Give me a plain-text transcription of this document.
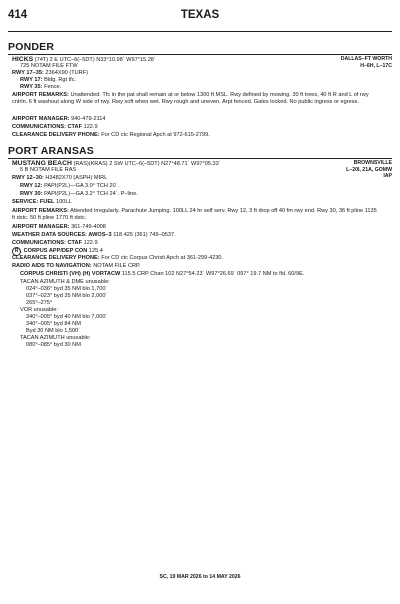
414	TEXAS
PONDER
HICKS (74T) 2 E UTC–6(–5DT) N33°10.98´ W97°15.28´	DALLAS–FT WORTH
H–6H, L–17C
725 NOTAM FILE FTW
RWY 17–35: 2364X90 (TURF)
RWY 17: Bldg. Rgt tfc.
RWY 35: Fence.
AIRPORT REMARKS: Unattended. Tfc in the pat shall remain at or below 1300 ft MSL. Rwy defined by mowing. 30 ft trees, 40 ft R and L of rwy cntrln. 6 ft washout along W side of rwy. Rwy soft when wet. Rwy rough and uneven. Arpt fenced. Gates locked. No public ingress or egress.
AIRPORT MANAGER: 940-479-2114
COMMUNICATIONS: CTAF 122.9
CLEARANCE DELIVERY PHONE: For CD ctc Regional Apch at 972-615-2799.
PORT ARANSAS
MUSTANG BEACH (RAS)(KRAS) 2 SW UTC–6(–5DT) N27°48.71´ W97°05.33´	BROWNSVILLE
L–20I, 21A, GOMW
IAP
5 B NOTAM FILE RAS
RWY 12–30: H3482X70 (ASPH) MIRL
RWY 12: PAPI(P2L)—GA 3.0° TCH 20´.
RWY 30: PAPI(P2L)—GA 3.2° TCH 24´. P–line.
SERVICE: FUEL 100LL
AIRPORT REMARKS: Attended irregularly. Parachute Jumping. 100LL 24 hr self serv. Rwy 12, 3 ft drop off 40 fm rwy end. Rwy 30, 36 ft pline 1135 ft dstc. 50 ft pline 1770 ft dstc.
AIRPORT MANAGER: 361-749-4008
WEATHER DATA SOURCES: AWOS–3 118.425 (361) 749–0537.
COMMUNICATIONS: CTAF 122.9
R CORPUS APP/DEP CON 125.4
CLEARANCE DELIVERY PHONE: For CD ctc Corpus Christi Apch at 361-299-4230.
RADIO AIDS TO NAVIGATION: NOTAM FILE CRP.
CORPUS CHRISTI (VH) (H) VORTACW 115.5 CRP Chan 102 N27°54.23´ W97°26.69´ 097° 19.7 NM to fld. 60/9E.
TACAN AZIMUTH & DME unusable:
024°–036° byd 35 NM blo 1,700´
037°–023° byd 35 NM blo 2,000´
265°–275°
VOR unusable:
340°–005° byd 40 NM blo 7,000´
340°–005° byd 84 NM
Byd 30 NM blo 1,500´
TACAN AZIMUTH unusable:
080°–085° byd 30 NM
SC, 19 MAR 2026 to 14 MAY 2026
